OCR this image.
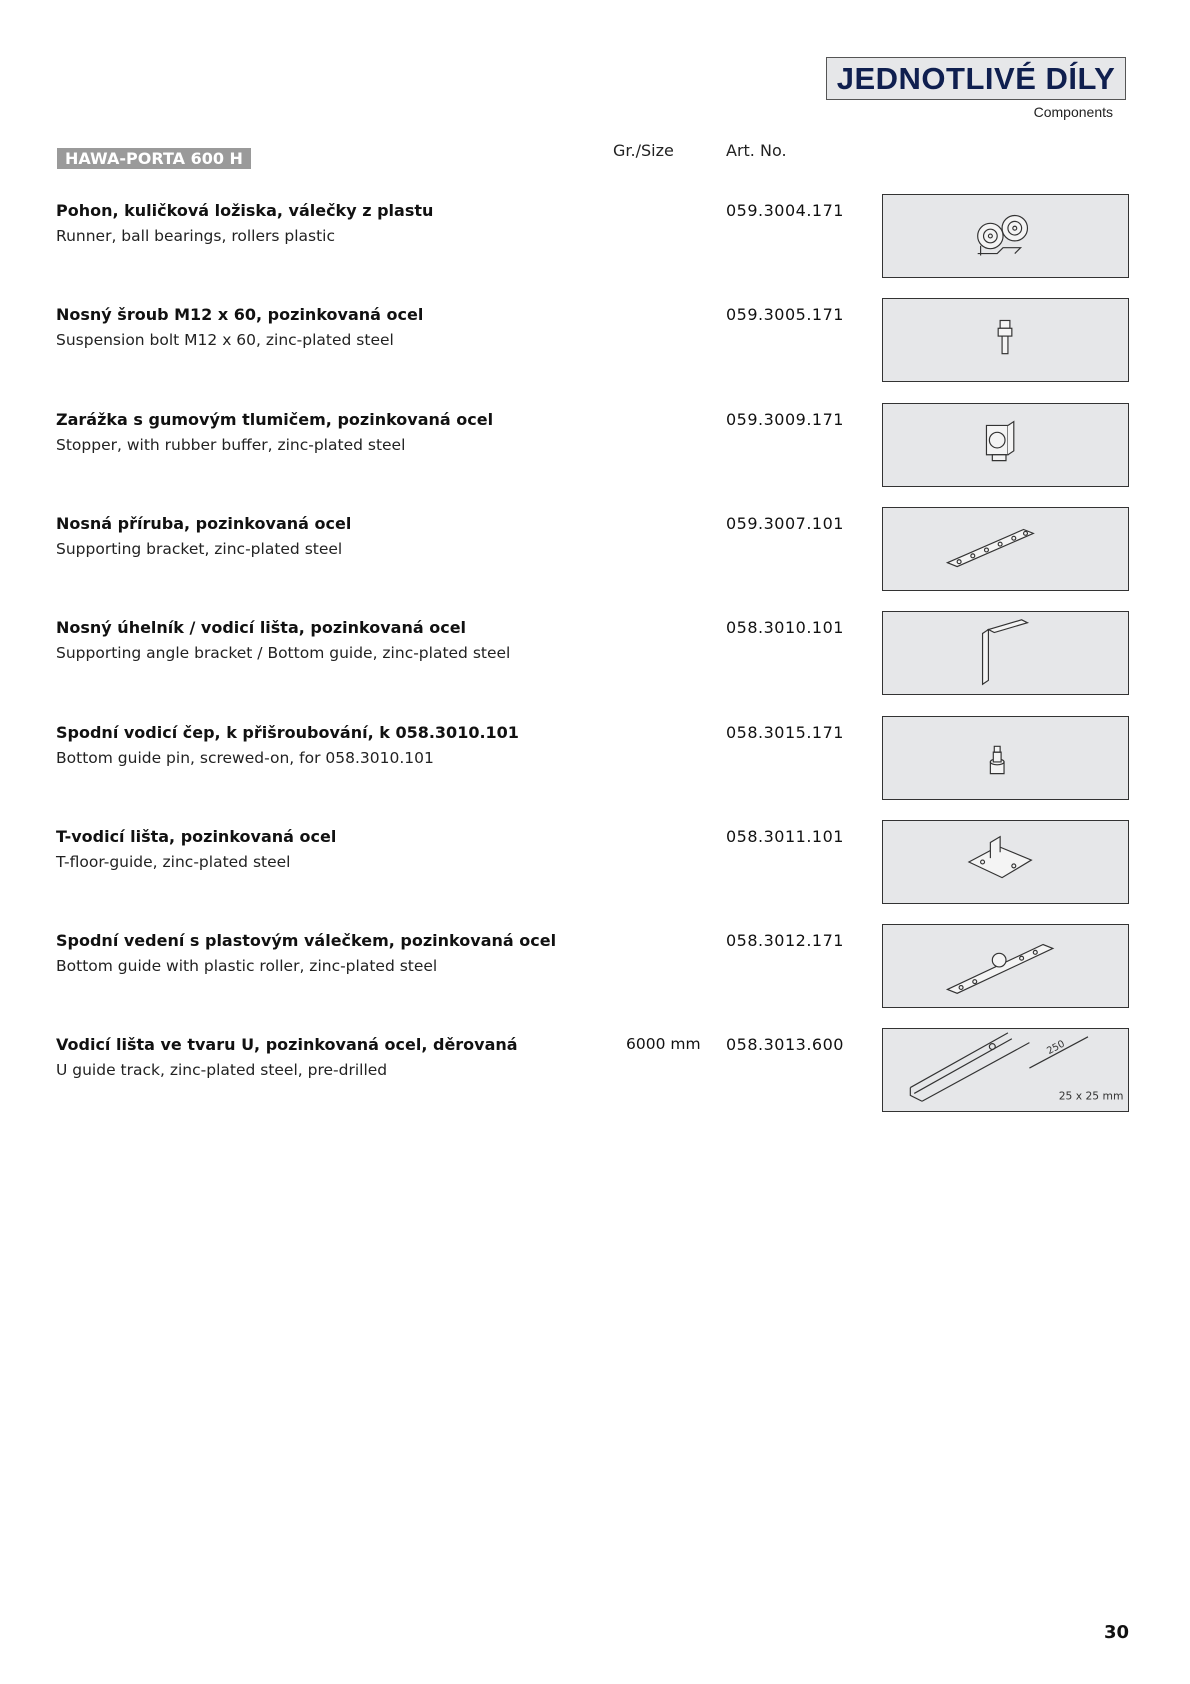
JEDNOTLIVÉ DÍLY
Components
HAWA-PORTA 600 H	Gr./Size	Art. No.
Pohon, kuličková ložiska, válečky z plastu
Runner, ball bearings, rollers plastic
059.3004.171
Nosný šroub M12 x 60, pozinkovaná ocel
Suspension bolt M12 x 60, zinc-plated steel
059.3005.171
Zarážka s gumovým tlumičem, pozinkovaná ocel
Stopper, with rubber buffer, zinc-plated steel
059.3009.171
Nosná příruba, pozinkovaná ocel
Supporting bracket, zinc-plated steel
059.3007.101
Nosný úhelník / vodicí lišta, pozinkovaná ocel
Supporting angle bracket / Bottom guide, zinc-plated steel
058.3010.101
Spodní vodicí čep, k přišroubování, k 058.3010.101
Bottom guide pin, screwed-on, for 058.3010.101
058.3015.171
T-vodicí lišta, pozinkovaná ocel
T-floor-guide, zinc-plated steel
058.3011.101
Spodní vedení s plastovým válečkem, pozinkovaná ocel
Bottom guide with plastic roller, zinc-plated steel
058.3012.171
Vodicí lišta ve tvaru U, pozinkovaná ocel, děrovaná
U guide track, zinc-plated steel, pre-drilled
6000 mm 058.3013.600	250
25 x 25 mm
30
